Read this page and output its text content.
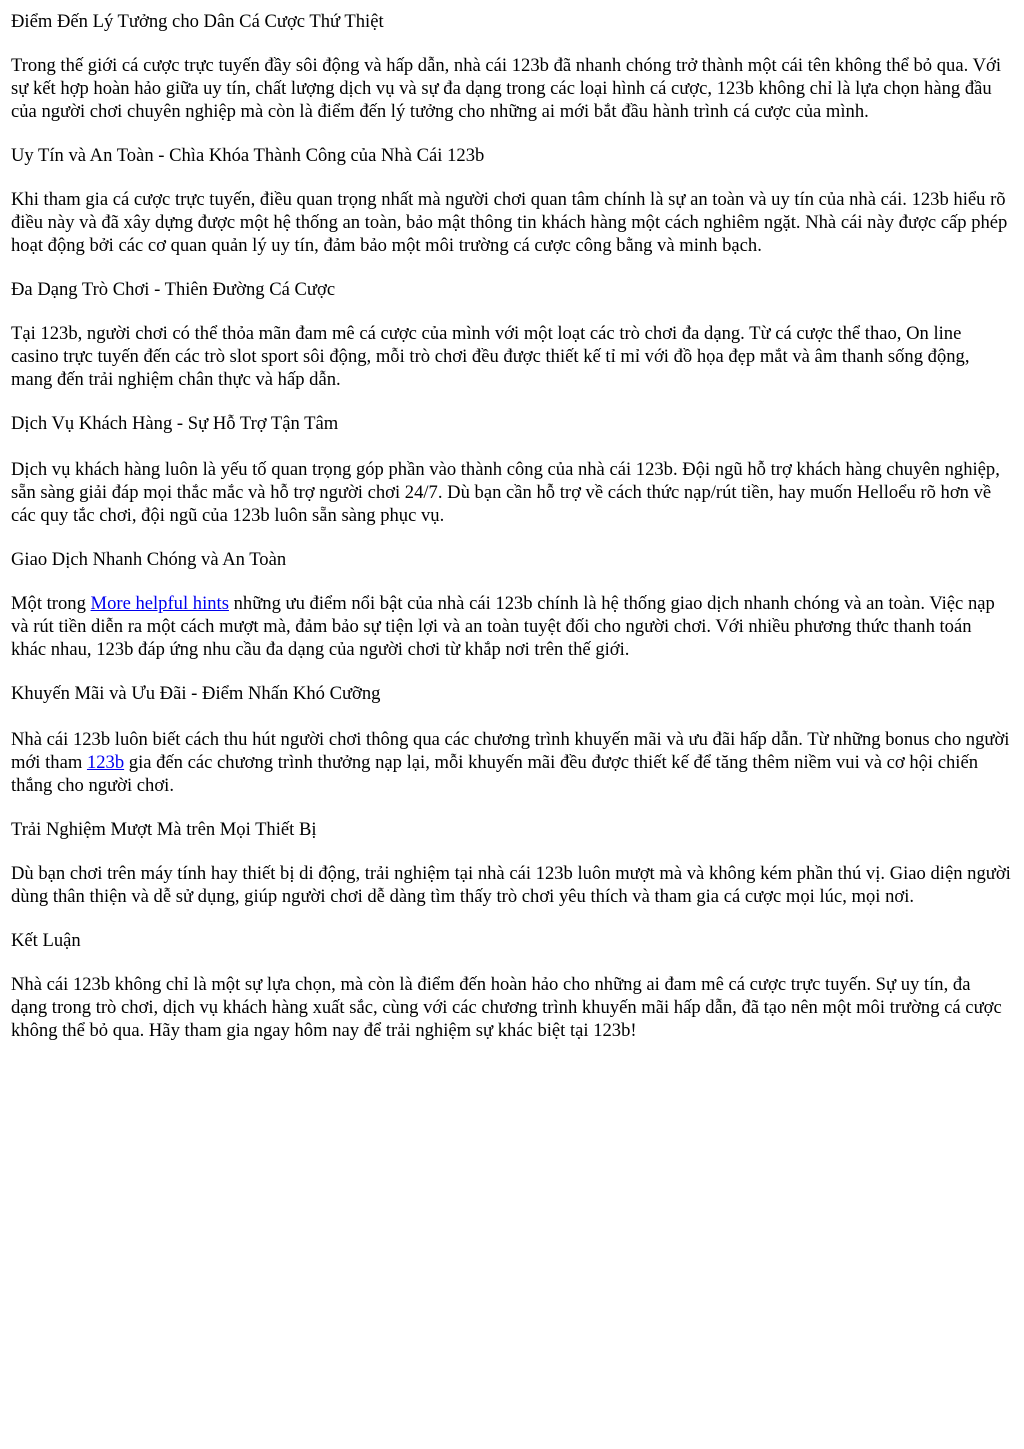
Điểm Đến Lý Tưởng cho Dân Cá Cược Thứ Thiệt

Trong thế giới cá cược trực tuyến đầy sôi động và hấp dẫn, nhà cái 123b đã nhanh chóng trở thành một cái tên không thể bỏ qua. Với sự kết hợp hoàn hảo giữa uy tín, chất lượng dịch vụ và sự đa dạng trong các loại hình cá cược, 123b không chỉ là lựa chọn hàng đầu của người chơi chuyên nghiệp mà còn là điểm đến lý tưởng cho những ai mới bắt đầu hành trình cá cược của mình.

Uy Tín và An Toàn - Chìa Khóa Thành Công của Nhà Cái 123b

Khi tham gia cá cược trực tuyến, điều quan trọng nhất mà người chơi quan tâm chính là sự an toàn và uy tín của nhà cái. 123b hiểu rõ điều này và đã xây dựng được một hệ thống an toàn, bảo mật thông tin khách hàng một cách nghiêm ngặt. Nhà cái này được cấp phép hoạt động bởi các cơ quan quản lý uy tín, đảm bảo một môi trường cá cược công bằng và minh bạch.

Đa Dạng Trò Chơi - Thiên Đường Cá Cược

Tại 123b, người chơi có thể thỏa mãn đam mê cá cược của mình với một loạt các trò chơi đa dạng. Từ cá cược thể thao, On line casino trực tuyến đến các trò slot sport sôi động, mỗi trò chơi đều được thiết kế tỉ mỉ với đồ họa đẹp mắt và âm thanh sống động, mang đến trải nghiệm chân thực và hấp dẫn.

Dịch Vụ Khách Hàng - Sự Hỗ Trợ Tận Tâm

Dịch vụ khách hàng luôn là yếu tố quan trọng góp phần vào thành công của nhà cái 123b. Đội ngũ hỗ trợ khách hàng chuyên nghiệp, sẵn sàng giải đáp mọi thắc mắc và hỗ trợ người chơi 24/7. Dù bạn cần hỗ trợ về cách thức nạp/rút tiền, hay muốn Helloểu rõ hơn về các quy tắc chơi, đội ngũ của 123b luôn sẵn sàng phục vụ.

Giao Dịch Nhanh Chóng và An Toàn

Một trong More helpful hints những ưu điểm nổi bật của nhà cái 123b chính là hệ thống giao dịch nhanh chóng và an toàn. Việc nạp và rút tiền diễn ra một cách mượt mà, đảm bảo sự tiện lợi và an toàn tuyệt đối cho người chơi. Với nhiều phương thức thanh toán khác nhau, 123b đáp ứng nhu cầu đa dạng của người chơi từ khắp nơi trên thế giới.

Khuyến Mãi và Ưu Đãi - Điểm Nhấn Khó Cưỡng

Nhà cái 123b luôn biết cách thu hút người chơi thông qua các chương trình khuyến mãi và ưu đãi hấp dẫn. Từ những bonus cho người mới tham 123b gia đến các chương trình thưởng nạp lại, mỗi khuyến mãi đều được thiết kế để tăng thêm niềm vui và cơ hội chiến thắng cho người chơi.

Trải Nghiệm Mượt Mà trên Mọi Thiết Bị

Dù bạn chơi trên máy tính hay thiết bị di động, trải nghiệm tại nhà cái 123b luôn mượt mà và không kém phần thú vị. Giao diện người dùng thân thiện và dễ sử dụng, giúp người chơi dễ dàng tìm thấy trò chơi yêu thích và tham gia cá cược mọi lúc, mọi nơi.

Kết Luận

Nhà cái 123b không chỉ là một sự lựa chọn, mà còn là điểm đến hoàn hảo cho những ai đam mê cá cược trực tuyến. Sự uy tín, đa dạng trong trò chơi, dịch vụ khách hàng xuất sắc, cùng với các chương trình khuyến mãi hấp dẫn, đã tạo nên một môi trường cá cược không thể bỏ qua. Hãy tham gia ngay hôm nay để trải nghiệm sự khác biệt tại 123b!
